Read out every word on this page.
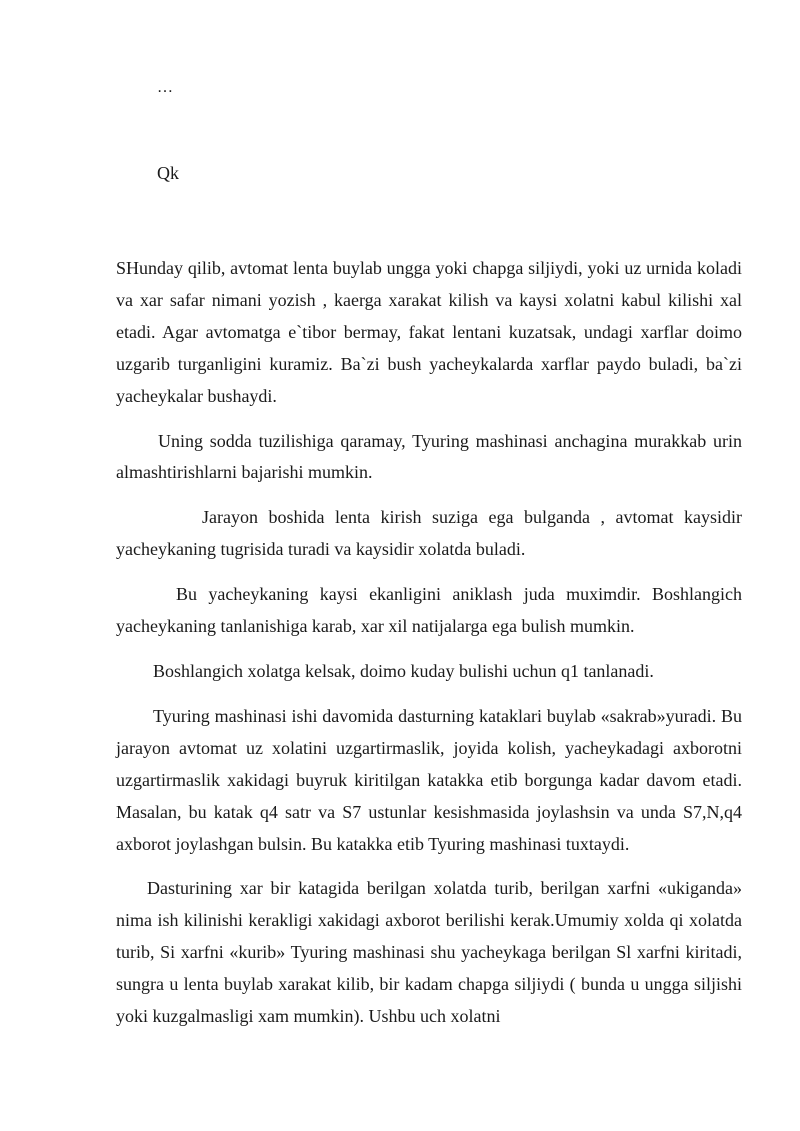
…
Qk

SHunday qilib, avtomat lenta buylab ungga yoki chapga siljiydi, yoki uz urnida koladi va xar safar nimani yozish , kaerga xarakat kilish va kaysi xolatni kabul kilishi xal etadi. Agar avtomatga e`tibor bermay, fakat lentani kuzatsak, undagi xarflar doimo uzgarib turganligini kuramiz. Ba`zi bush yacheykalarda xarflar paydo buladi, ba`zi yacheykalar bushaydi.

Uning sodda tuzilishiga qaramay, Tyuring mashinasi anchagina murakkab urin almashtirishlarni bajarishi mumkin.

Jarayon boshida lenta kirish suziga ega bulganda , avtomat kaysidir yacheykaning tugrisida turadi va kaysidir xolatda buladi.

Bu yacheykaning kaysi ekanligini aniklash juda muximdir. Boshlangich yacheykaning tanlanishiga karab, xar xil natijalarga ega bulish mumkin.

Boshlangich xolatga kelsak, doimo kuday bulishi uchun q1 tanlanadi.

Tyuring mashinasi ishi davomida dasturning kataklari buylab «sakrab»yuradi. Bu jarayon avtomat uz xolatini uzgartirmaslik, joyida kolish, yacheykadagi axborotni uzgartirmaslik xakidagi buyruk kiritilgan katakka etib borgunga kadar davom etadi. Masalan, bu katak q4 satr va S7 ustunlar kesishmasida joylashsin va unda S7,N,q4 axborot joylashgan bulsin. Bu katakka etib Tyuring mashinasi tuxtaydi.

Dasturining xar bir katagida berilgan xolatda turib, berilgan xarfni «ukiganda» nima ish kilinishi kerakligi xakidagi axborot berilishi kerak.Umumiy xolda qi xolatda turib, Si xarfni «kurib» Tyuring mashinasi shu yacheykaga berilgan Sl xarfni kiritadi, sungra u lenta buylab xarakat kilib, bir kadam chapga siljiydi ( bunda u ungga siljishi yoki kuzgalmasligi xam mumkin). Ushbu uch xolatni
